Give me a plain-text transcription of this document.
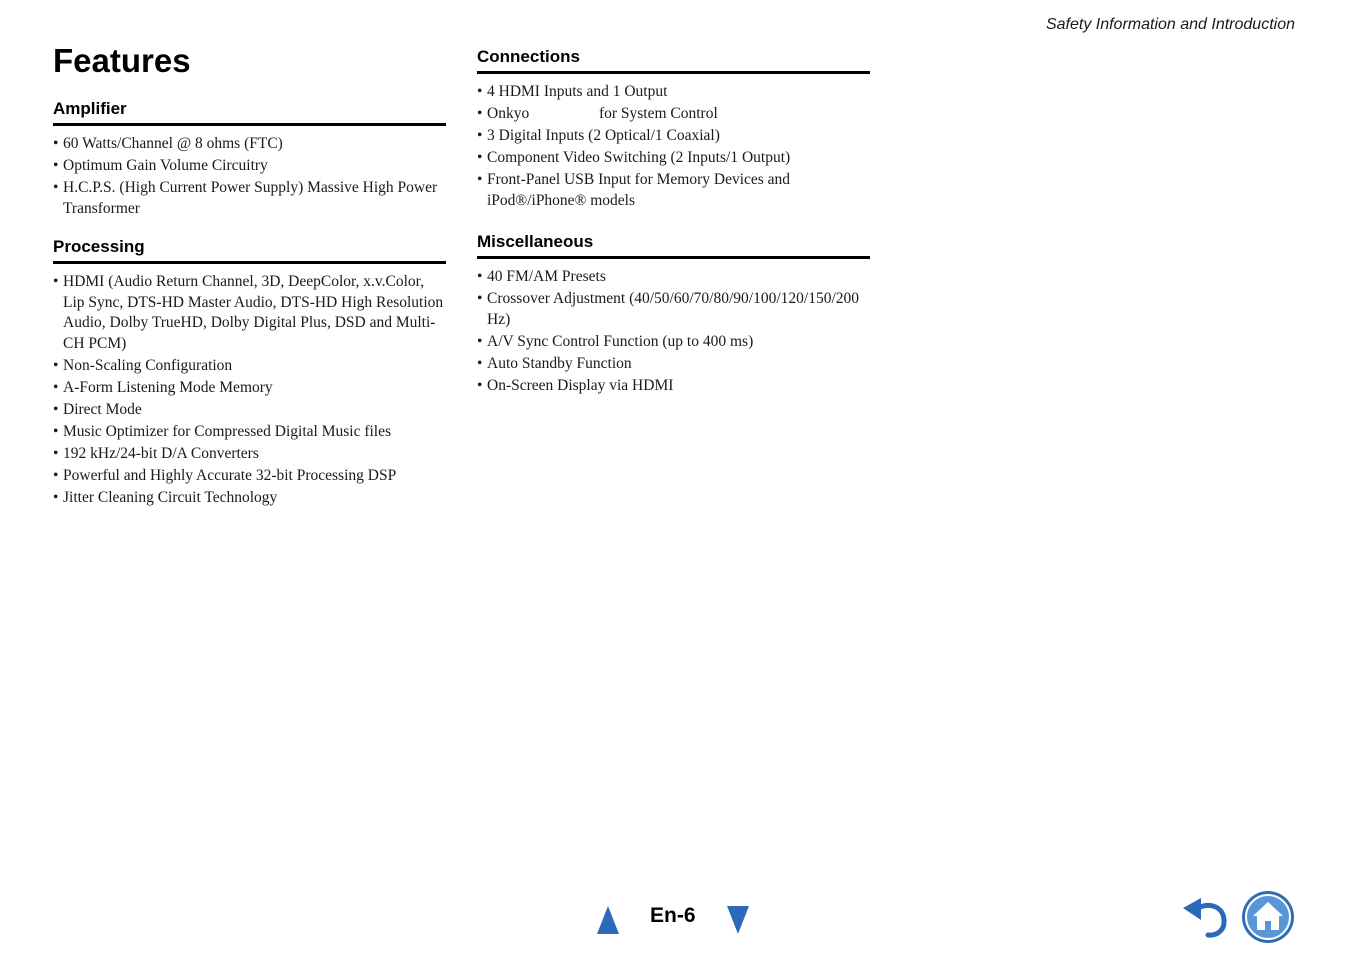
Safety Information and Introduction
Features
Amplifier
• 60 Watts/Channel @ 8 ohms (FTC)
• Optimum Gain Volume Circuitry
• H.C.P.S. (High Current Power Supply) Massive High Power Transformer
Processing
• HDMI (Audio Return Channel, 3D, DeepColor, x.v.Color, Lip Sync, DTS-HD Master Audio, DTS-HD High Resolution Audio, Dolby TrueHD, Dolby Digital Plus, DSD and Multi-CH PCM)
• Non-Scaling Configuration
• A-Form Listening Mode Memory
• Direct Mode
• Music Optimizer for Compressed Digital Music files
• 192 kHz/24-bit D/A Converters
• Powerful and Highly Accurate 32-bit Processing DSP
• Jitter Cleaning Circuit Technology
Connections
• 4 HDMI Inputs and 1 Output
• Onkyo                  for System Control
• 3 Digital Inputs (2 Optical/1 Coaxial)
• Component Video Switching (2 Inputs/1 Output)
• Front-Panel USB Input for Memory Devices and iPod®/iPhone® models
Miscellaneous
• 40 FM/AM Presets
• Crossover Adjustment (40/50/60/70/80/90/100/120/150/200 Hz)
• A/V Sync Control Function (up to 400 ms)
• Auto Standby Function
• On-Screen Display via HDMI
En-6
